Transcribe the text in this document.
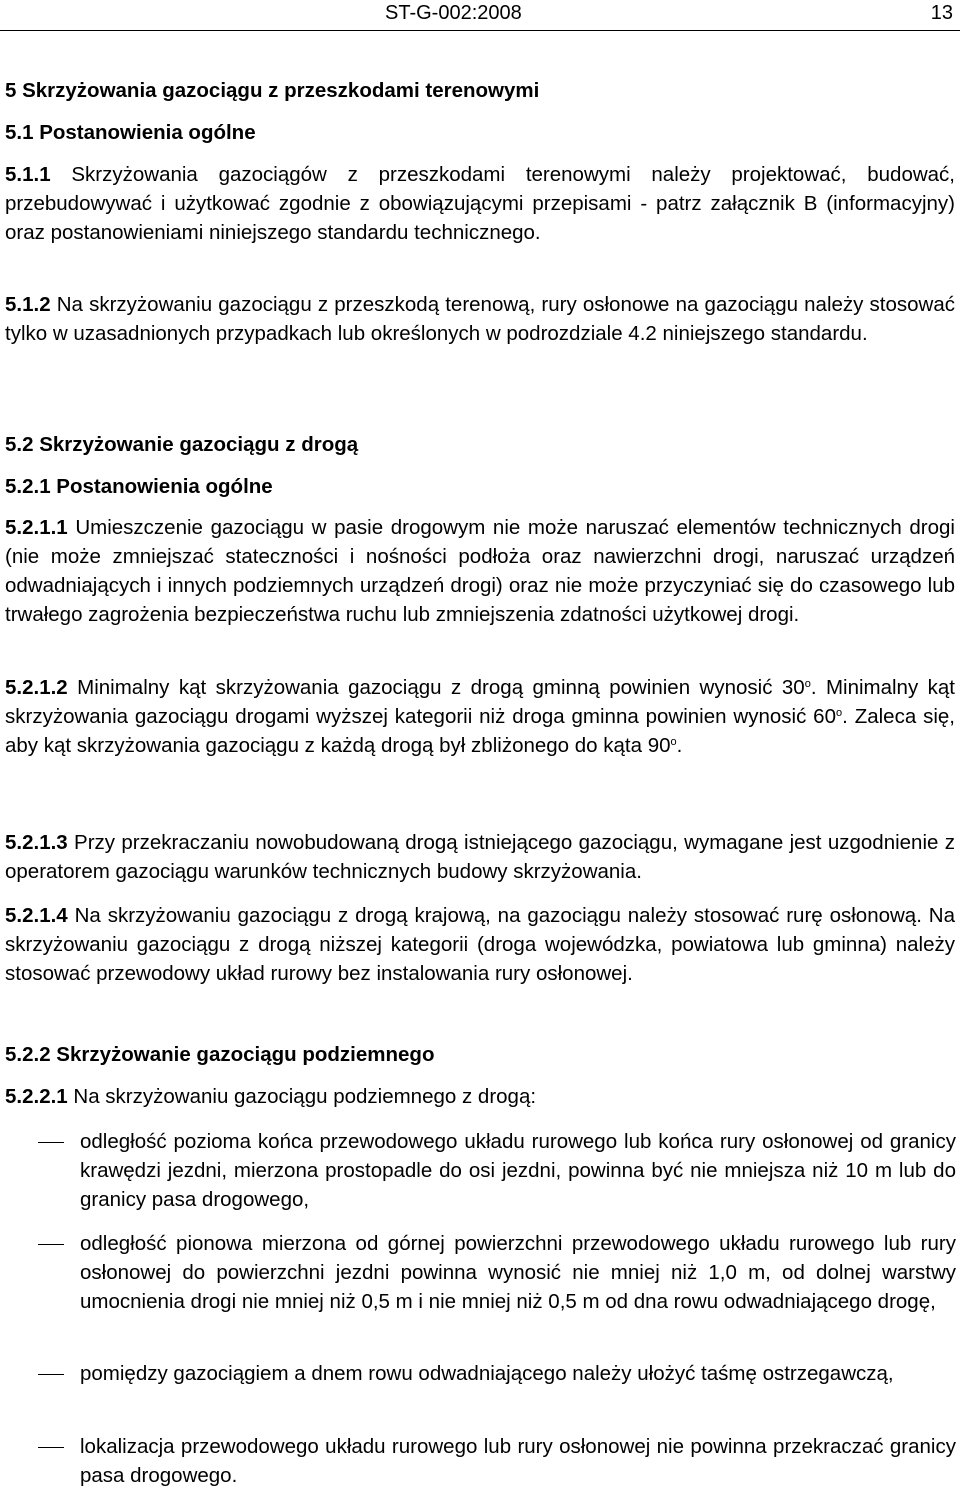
ST-G-002:2008	13
5 Skrzyżowania gazociągu z przeszkodami terenowymi
5.1 Postanowienia ogólne
5.1.1 Skrzyżowania gazociągów z przeszkodami terenowymi należy projektować, budować, przebudowywać i użytkować zgodnie z obowiązującymi przepisami - patrz załącznik B (informacyjny) oraz postanowieniami niniejszego standardu technicznego.
5.1.2 Na skrzyżowaniu gazociągu z przeszkodą terenową, rury osłonowe na gazociągu należy stosować tylko w uzasadnionych przypadkach lub określonych w podrozdziale 4.2 niniejszego standardu.
5.2 Skrzyżowanie gazociągu z drogą
5.2.1 Postanowienia ogólne
5.2.1.1 Umieszczenie gazociągu w pasie drogowym nie może naruszać elementów technicznych drogi (nie może zmniejszać stateczności i nośności podłoża oraz nawierzchni drogi, naruszać urządzeń odwadniających i innych podziemnych urządzeń drogi) oraz nie może przyczyniać się do czasowego lub trwałego zagrożenia bezpieczeństwa ruchu lub zmniejszenia zdatności użytkowej drogi.
5.2.1.2 Minimalny kąt skrzyżowania gazociągu z drogą gminną powinien wynosić 30$^o$. Minimalny kąt skrzyżowania gazociągu drogami wyższej kategorii niż droga gminna powinien wynosić 60$^o$. Zaleca się, aby kąt skrzyżowania gazociągu z każdą drogą był zbliżonego do kąta 90$^o$.
5.2.1.3 Przy przekraczaniu nowobudowaną drogą istniejącego gazociągu, wymagane jest uzgodnienie z operatorem gazociągu warunków technicznych budowy skrzyżowania.
5.2.1.4 Na skrzyżowaniu gazociągu z drogą krajową, na gazociągu należy stosować rurę osłonową. Na skrzyżowaniu gazociągu z drogą niższej kategorii (droga wojewódzka, powiatowa lub gminna) należy stosować przewodowy układ rurowy bez instalowania rury osłonowej.
5.2.2 Skrzyżowanie gazociągu podziemnego
5.2.2.1 Na skrzyżowaniu gazociągu podziemnego z drogą:
odległość pozioma końca przewodowego układu rurowego lub końca rury osłonowej od granicy krawędzi jezdni, mierzona prostopadle do osi jezdni, powinna być nie mniejsza niż 10 m lub do granicy pasa drogowego,
odległość pionowa mierzona od górnej powierzchni przewodowego układu rurowego lub rury osłonowej do powierzchni jezdni powinna wynosić nie mniej niż 1,0 m, od dolnej warstwy umocnienia drogi nie mniej niż 0,5 m i nie mniej niż 0,5 m od dna rowu odwadniającego drogę,
pomiędzy gazociągiem a dnem rowu odwadniającego należy ułożyć taśmę ostrzegawczą,
lokalizacja przewodowego układu rurowego lub rury osłonowej nie powinna przekraczać granicy pasa drogowego.
